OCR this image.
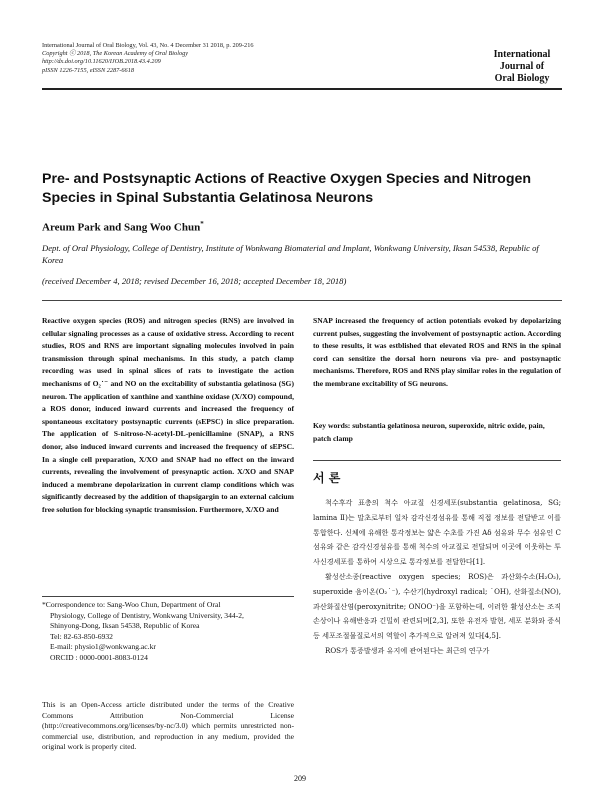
International Journal of Oral Biology, Vol. 43, No. 4 December 31 2018, p. 209-216
Copyright ⓒ 2018, The Korean Academy of Oral Biology
http://dx.doi.org/10.11620/IJOB.2018.43.4.209
pISSN 1226-7155, eISSN 2287-6618
International
Journal of
Oral Biology
Pre- and Postsynaptic Actions of Reactive Oxygen Species and Nitrogen Species in Spinal Substantia Gelatinosa Neurons
Areum Park and Sang Woo Chun*
Dept. of Oral Physiology, College of Dentistry, Institute of Wonkwang Biomaterial and Implant, Wonkwang University, Iksan 54538, Republic of Korea
(received December 4, 2018; revised December 16, 2018; accepted December 18, 2018)
Reactive oxygen species (ROS) and nitrogen species (RNS) are involved in cellular signaling processes as a cause of oxidative stress. According to recent studies, ROS and RNS are important signaling molecules involved in pain transmission through spinal mechanisms. In this study, a patch clamp recording was used in spinal slices of rats to investigate the action mechanisms of O₂˙⁻ and NO on the excitability of substantia gelatinosa (SG) neuron. The application of xanthine and xanthine oxidase (X/XO) compound, a ROS donor, induced inward currents and increased the frequency of spontaneous excitatory postsynaptic currents (sEPSC) in slice preparation. The application of S-nitroso-N-acetyl-DL-penicillamine (SNAP), a RNS donor, also induced inward currents and increased the frequency of sEPSC. In a single cell preparation, X/XO and SNAP had no effect on the inward currents, revealing the involvement of presynaptic action. X/XO and SNAP induced a membrane depolarization in current clamp conditions which was significantly decreased by the addition of thapsigargin to an external calcium free solution for blocking synaptic transmission. Furthermore, X/XO and
SNAP increased the frequency of action potentials evoked by depolarizing current pulses, suggesting the involvement of postsynaptic action. According to these results, it was estblished that elevated ROS and RNS in the spinal cord can sensitize the dorsal horn neurons via pre- and postsynaptic mechanisms. Therefore, ROS and RNS play similar roles in the regulation of the membrane excitability of SG neurons.
Key words: substantia gelatinosa neuron, superoxide, nitric oxide, pain, patch clamp
서 론

척수후각 표층의 척수 아교질 신경세포(substantia gelatinosa, SG; lamina Ⅱ)는 말초로부터 일차 감각신경섬유를 통해 직접 정보를 전달받고 이를 통합한다. 신체에 유해한 통각정보는 얇은 수초를 가진 Aδ 섬유와 무수 섬유인 C 섬유와 같은 감각신경섬유를 통해 척수의 아교질로 전달되며 이곳에 이웃하는 투사신경세포를 통하여 시상으로 통각정보를 전달한다[1].

활성산소종(reactive oxygen species; ROS)은 과산화수소(H₂O₂), superoxide 음이온(O₂˙⁻), 수산기(hydroxyl radical; ˙OH), 산화질소(NO), 과산화질산염(peroxynitrite; ONOO⁻)을 포함하는데, 이러한 활성산소는 조직손상이나 유해반응과 긴밀히 관련되며[2,3], 또한 유전자 발현, 세포 분화와 증식 등 세포조절물질로서의 역할이 추가적으로 알려져 있다[4,5].

ROS가 통증발생과 유지에 관여된다는 최근의 연구가

*Correspondence to: Sang-Woo Chun, Department of Oral
Physiology, College of Dentistry, Wonkwang University, 344-2,
Shinyong-Dong, Iksan 54538, Republic of Korea
Tel: 82-63-850-6932
E-mail: physio1@wonkwang.ac.kr
ORCID : 0000-0001-8083-0124
This is an Open-Access article distributed under the terms of the Creative Commons Attribution Non-Commercial License (http://creativecommons.org/licenses/by-nc/3.0) which permits unrestricted non-commercial use, distribution, and reproduction in any medium, provided the original work is properly cited.
209
